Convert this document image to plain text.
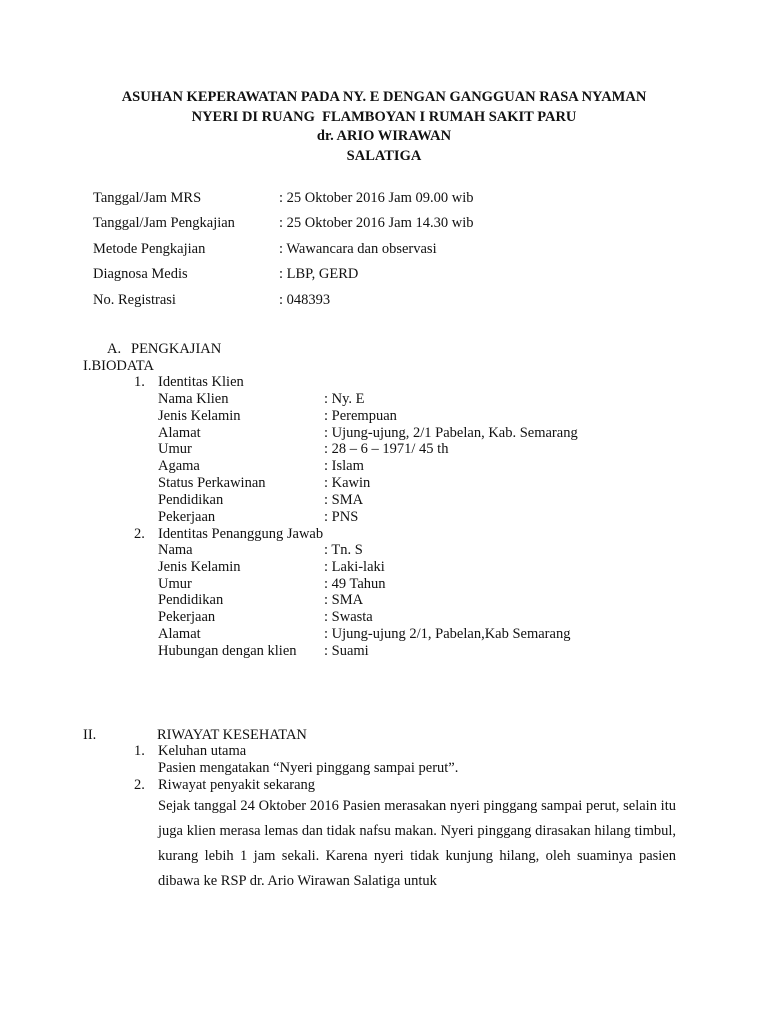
ASUHAN KEPERAWATAN PADA NY. E DENGAN GANGGUAN RASA NYAMAN
NYERI DI RUANG  FLAMBOYAN I RUMAH SAKIT PARU
dr. ARIO WIRAWAN
SALATIGA
Tanggal/Jam MRS	: 25 Oktober 2016 Jam 09.00 wib
Tanggal/Jam Pengkajian	: 25 Oktober 2016 Jam 14.30 wib
Metode Pengkajian	: Wawancara dan observasi
Diagnosa Medis	: LBP, GERD
No. Registrasi	: 048393
A. PENGKAJIAN
I.BIODATA
1. Identitas Klien
Nama Klien	: Ny. E
Jenis Kelamin	: Perempuan
Alamat	: Ujung-ujung, 2/1 Pabelan, Kab. Semarang
Umur	: 28 – 6 – 1971/ 45 th
Agama	: Islam
Status Perkawinan	: Kawin
Pendidikan	: SMA
Pekerjaan	: PNS
2. Identitas Penanggung Jawab
Nama	: Tn. S
Jenis Kelamin	: Laki-laki
Umur	: 49 Tahun
Pendidikan	: SMA
Pekerjaan	: Swasta
Alamat	: Ujung-ujung 2/1, Pabelan,Kab Semarang
Hubungan dengan klien : Suami
II.	RIWAYAT KESEHATAN
1. Keluhan utama
Pasien mengatakan “Nyeri pinggang sampai perut”.
2. Riwayat penyakit sekarang
Sejak tanggal 24 Oktober 2016 Pasien merasakan nyeri pinggang sampai perut, selain itu juga klien merasa lemas dan tidak nafsu makan. Nyeri pinggang dirasakan hilang timbul, kurang lebih 1 jam sekali. Karena nyeri tidak kunjung hilang, oleh suaminya pasien dibawa ke RSP dr. Ario Wirawan Salatiga untuk
